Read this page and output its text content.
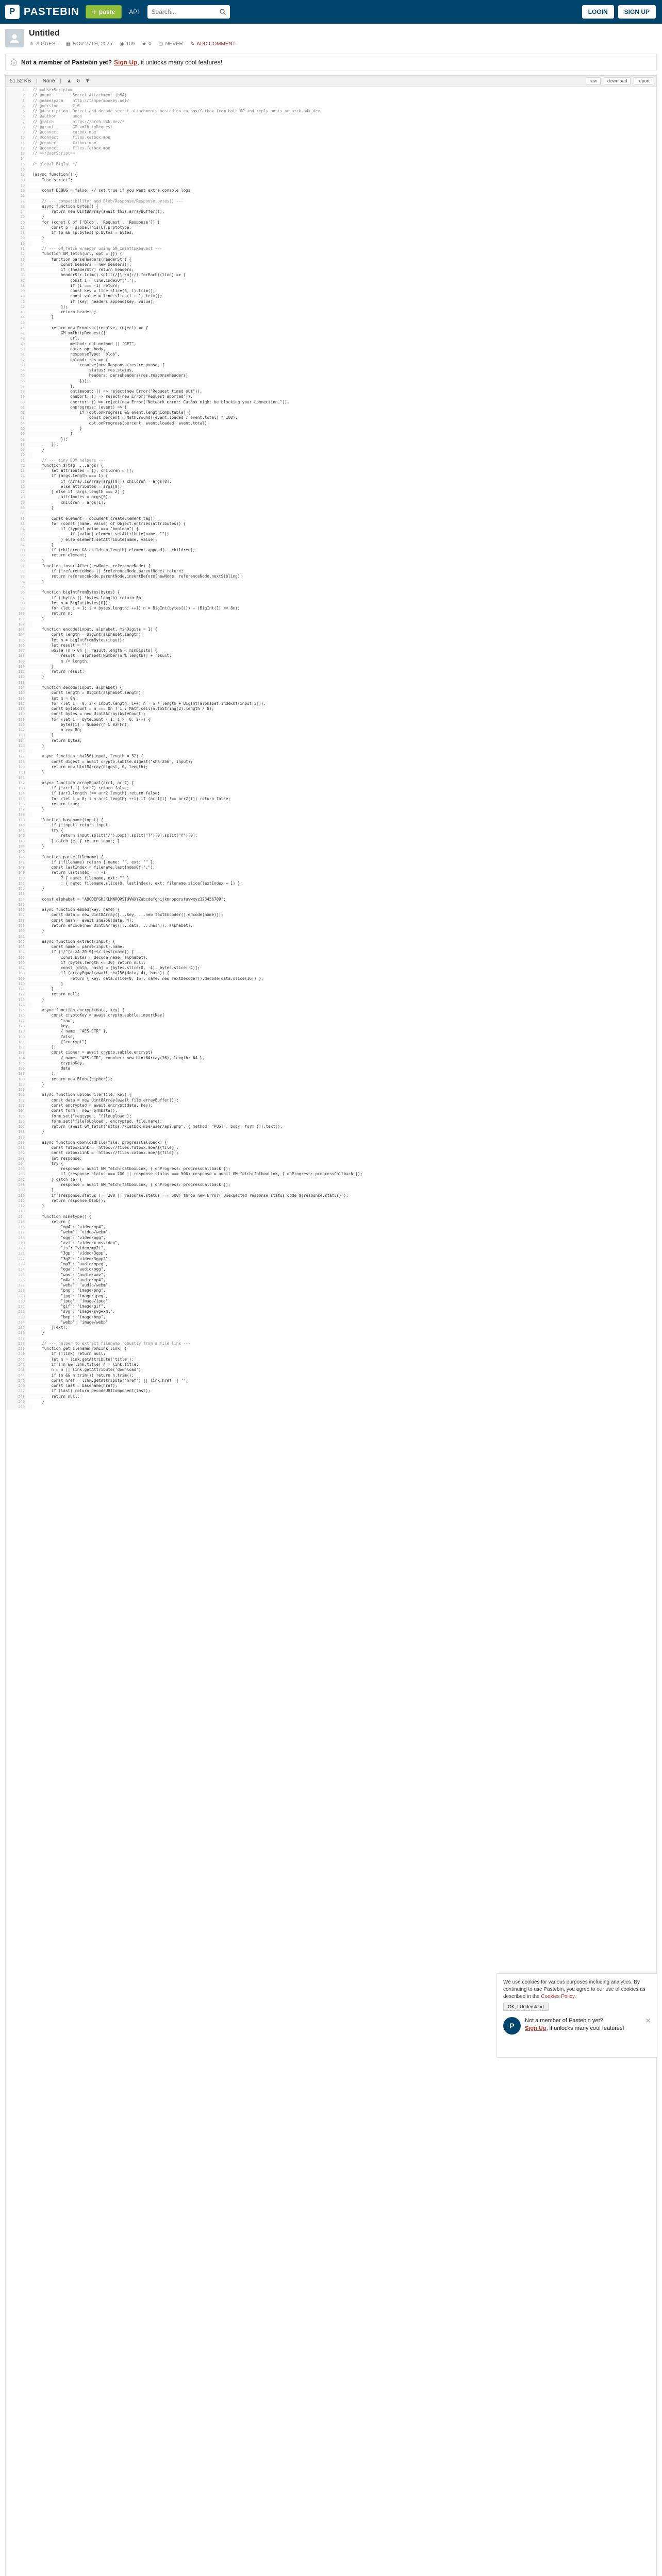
P PASTEBIN + paste API
Search...	LOGIN	SIGN UP
Untitled
☺ A GUEST ▦ NOV 27TH, 2025 ◉ 109 ★ 0 ◷ NEVER ✎ ADD COMMENT
ⓘ Not a member of Pastebin yet? Sign Up , it unlocks many cool features!
51.52 KB | None | ▲ 0 ▼	raw	download	report
1	// ==UserScript==
2	// @name         Secret Attachment (b64)
3	// @namespace    http://tampermonkey.net/
4	// @version      2.6
5	// @description  Detect and decode secret attachments hosted on catbox/fatbox from both OP and reply posts on arch.b4k.dev
6	// @author       anon
7	// @match        https://arch.b4k.dev/*
8	// @grant        GM_xmlhttpRequest
9	// @connect      catbox.moe
10	// @connect      files.catbox.moe
11	// @connect      fatbox.moe
12	// @connect      files.fatbox.moe
13	// ==/UserScript==
14
15	/* global BigInt */
16
17	(async function() {
18	"use strict";
19
20	const DEBUG = false; // set true if you want extra console logs
21
22	// --- compatibility: add Blob/Response/Response.bytes() ---
23	async function bytes() {
24	return new Uint8Array(await this.arrayBuffer());
25	}
26	for (const C of ['Blob', 'Request', 'Response']) {
27	const p = globalThis[C].prototype;
28	if (p && !p.bytes) p.bytes = bytes;
29	}
30
31	// --- GM_fetch wrapper using GM_xmlhttpRequest ---
32	function GM_fetch(url, opt = {}) {
33	function parseHeaders(headerStr) {
34	const headers = new Headers();
35	if (!headerStr) return headers;
36	headerStr.trim().split(/[\r\n]+/).forEach((line) => {
37	const i = line.indexOf(':');
38	if (i === -1) return;
39	const key = line.slice(0, i).trim();
40	const value = line.slice(i + 1).trim();
41	if (key) headers.append(key, value);
42	});
43	return headers;
44	}
45
46	return new Promise((resolve, reject) => {
47	GM_xmlhttpRequest({
48	url,
49	method: opt.method || "GET",
50	data: opt.body,
51	responseType: "blob",
52	onload: res => {
53	resolve(new Response(res.response, {
54	status: res.status,
55	headers: parseHeaders(res.responseHeaders)
56	}));
57	},
58	ontimeout: () => reject(new Error("Request timed out")),
59	onabort: () => reject(new Error("Request aborted")),
60	onerror: () => reject(new Error("Network error: CatBox might be blocking your connection.")),
61	onprogress: (event) => {
62	if (opt.onProgress && event.lengthComputable) {
63	const percent = Math.round((event.loaded / event.total) * 100);
64	opt.onProgress(percent, event.loaded, event.total);
65	}
66	}
67	});
68	});
69	}
70
71	// --- tiny DOM helpers ---
72	function $(tag, ...args) {
73	let attributes = {}, children = [];
74	if (args.length === 1) {
75	if (Array.isArray(args[0])) children = args[0];
76	else attributes = args[0];
77	} else if (args.length === 2) {
78	attributes = args[0];
79	children = args[1];
80	}
81
82	const element = document.createElement(tag);
83	for (const [name, value] of Object.entries(attributes)) {
84	if (typeof value === "boolean") {
85	if (value) element.setAttribute(name, "");
86	} else element.setAttribute(name, value);
87	}
88	if (children && children.length) element.append(...children);
89	return element;
90	}
91	function insertAfter(newNode, referenceNode) {
92	if (!referenceNode || !referenceNode.parentNode) return;
93	return referenceNode.parentNode.insertBefore(newNode, referenceNode.nextSibling);
94	}
95
96	function bigIntFromBytes(bytes) {
97	if (!bytes || !bytes.length) return 0n;
98	let n = BigInt(bytes[0]);
99	for (let i = 1; i < bytes.length; ++i) n = BigInt(bytes[i]) + (BigInt(1) << 8n);
100	return n;
101	}
102
103	function encode(input, alphabet, minDigits = 1) {
104	const length = BigInt(alphabet.length);
105	let n = bigIntFromBytes(input);
106	let result = "";
107	while (n > 0n || result.length < minDigits) {
108	result = alphabet[Number(n % length)] + result;
109	n /= length;
110	}
111	return result;
112	}
113
114	function decode(input, alphabet) {
115	const length = BigInt(alphabet.length);
116	let n = 0n;
117	for (let i = 0; i < input.length; i++) n = n * length + BigInt(alphabet.indexOf(input[i]));
118	const byteCount = n === 0n ? 1 : Math.ceil(n.toString(2).length / 8);
119	const bytes = new Uint8Array(byteCount);
120	for (let i = byteCount - 1; i >= 0; i--) {
121	bytes[i] = Number(n & 0xFFn);
122	n >>= 8n;
123	}
124	return bytes;
125	}
126
127	async function sha256(input, length = 32) {
128	const digest = await crypto.subtle.digest("sha-256", input);
129	return new Uint8Array(digest, 0, length);
130	}
131
132	async function arrayEqual(arr1, arr2) {
133	if (!arr1 || !arr2) return false;
134	if (arr1.length !== arr2.length) return false;
135	for (let i = 0; i < arr1.length; ++i) if (arr1[i] !== arr2[i]) return false;
136	return true;
137	}
138
139	function basename(input) {
140	if (!input) return input;
141	try {
142	return input.split("/").pop().split("?")[0].split("#")[0];
143	} catch (e) { return input; }
144	}
145
146	function parse(filename) {
147	if (!filename) return { name: "", ext: "" };
148	const lastIndex = filename.lastIndexOf(".");
149	return lastIndex === -1
150	? { name: filename, ext: "" }
151	: { name: filename.slice(0, lastIndex), ext: filename.slice(lastIndex + 1) };
152	}
153
154	const alphabet = "ABCDEFGHJKLMNPQRSTUVWXYZabcdefghijkmnopqrstuvwxyz123456789";
155
156	async function embed(key, name) {
157	const data = new Uint8Array([...key, ...new TextEncoder().encode(name)]);
158	const hash = await sha256(data, 4);
159	return encode(new Uint8Array([...data, ...hash]), alphabet);
160	}
161
162	async function extract(input) {
163	const name = parse(input).name;
164	if (!/^[a-zA-Z0-9]+$/.test(name)) {
165	const bytes = decode(name, alphabet);
166	if (bytes.length <= 36) return null;
167	const [data, hash] = [bytes.slice(0, -4), bytes.slice(-4)];
168	if (arrayEqual(await sha256(data, 4), hash)) {
169	return { key: data.slice(0, 16), name: new TextDecoder().decode(data.slice(16)) };
170	}
171	}
172	return null;
173	}
174
175	async function encrypt(data, key) {
176	const cryptoKey = await crypto.subtle.importKey(
177	"raw",
178	key,
179	{ name: "AES-CTR" },
180	false,
181	["encrypt"]
182	);
183	const cipher = await crypto.subtle.encrypt(
184	{ name: "AES-CTR", counter: new Uint8Array(16), length: 64 },
185	cryptoKey,
186	data
187	);
188	return new Blob([cipher]);
189	}
190
191	async function uploadFile(file, key) {
192	const data = new Uint8Array(await file.arrayBuffer());
193	const encrypted = await encrypt(data, key);
194	const form = new FormData();
195	form.set("reqtype", "fileupload");
196	form.set("fileToUpload", encrypted, file.name);
197	return (await GM_fetch("https://catbox.moe/user/api.php", { method: "POST", body: form })).text();
198	}
199
200	async function downloadFile(file, progressCallback) {
201	const fatboxLink = `https://files.fatbox.moe/${file}`;
202	const catboxLink = `https://files.catbox.moe/${file}`;
203	let response;
204	try {
205	response = await GM_fetch(catboxLink, { onProgress: progressCallback });
206	if (response.status === 200 || response.status === 500) response = await GM_fetch(fatboxLink, { onProgress: progressCallback });
207	} catch (e) {
208	response = await GM_fetch(fatboxLink, { onProgress: progressCallback });
209	}
210	if (response.status !== 200 || response.status === 500) throw new Error(`Unexpected response status code ${response.status}`);
211	return response.blob();
212	}
213
214	function mimetype() {
215	return {
216	"mp4": "video/mp4",
217	"webm": "video/webm",
218	"ogg": "video/ogg",
219	"avi": "video/x-msvideo",
220	"ts": "video/mp2t",
221	"3gp": "video/3gpp",
222	"3g2": "video/3gpp2",
223	"mp3": "audio/mpeg",
224	"oga": "audio/ogg",
225	"wav": "audio/wav",
226	"m4a": "audio/mp4",
227	"weba": "audio/webm",
228	"png": "image/png",
229	"jpg": "image/jpeg",
230	"jpeg": "image/jpeg",
231	"gif": "image/gif",
232	"svg": "image/svg+xml",
233	"bmp": "image/bmp",
234	"webp": "image/webp"
235	}[ext];
236	}
237
238	// --- helper to extract filename robustly from a file link ---
239	function getFilenameFromLink(link) {
240	if (!link) return null;
241	let n = link.getAttribute('title');
242	if (!n && link.title) n = link.title;
243	n = n || link.getAttribute('download');
244	if (n && n.trim()) return n.trim();
245	const href = link.getAttribute('href') || link.href || '';
246	const last = basename(href);
247	if (last) return decodeURIComponent(last);
248	return null;
249	}
250

We use cookies for various purposes including analytics. By continuing to use Pastebin, you agree to our use of cookies as described in the Cookies Policy.

OK, I Understand
P
Not a member of Pastebin yet?
Sign Up, it unlocks many cool features!
✕
